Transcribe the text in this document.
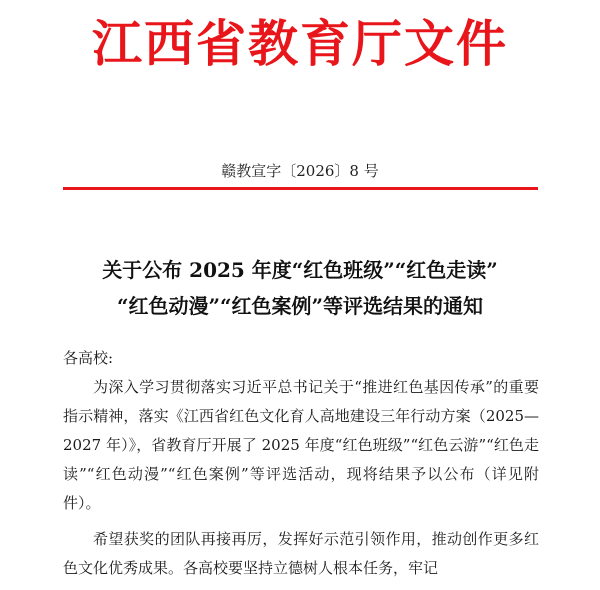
江西省教育厅文件
赣教宣字〔2026〕8 号
关于公布 2025 年度“红色班级”“红色走读”
“红色动漫”“红色案例”等评选结果的通知
各高校:

为深入学习贯彻落实习近平总书记关于“推进红色基因传承”的重要指示精神，落实《江西省红色文化育人高地建设三年行动方案（2025—2027 年）》，省教育厅开展了 2025 年度“红色班级”“红色云游”“红色走读”“红色动漫”“红色案例”等评选活动，现将结果予以公布（详见附件）。

希望获奖的团队再接再厉，发挥好示范引领作用，推动创作更多红色文化优秀成果。各高校要坚持立德树人根本任务，牢记
